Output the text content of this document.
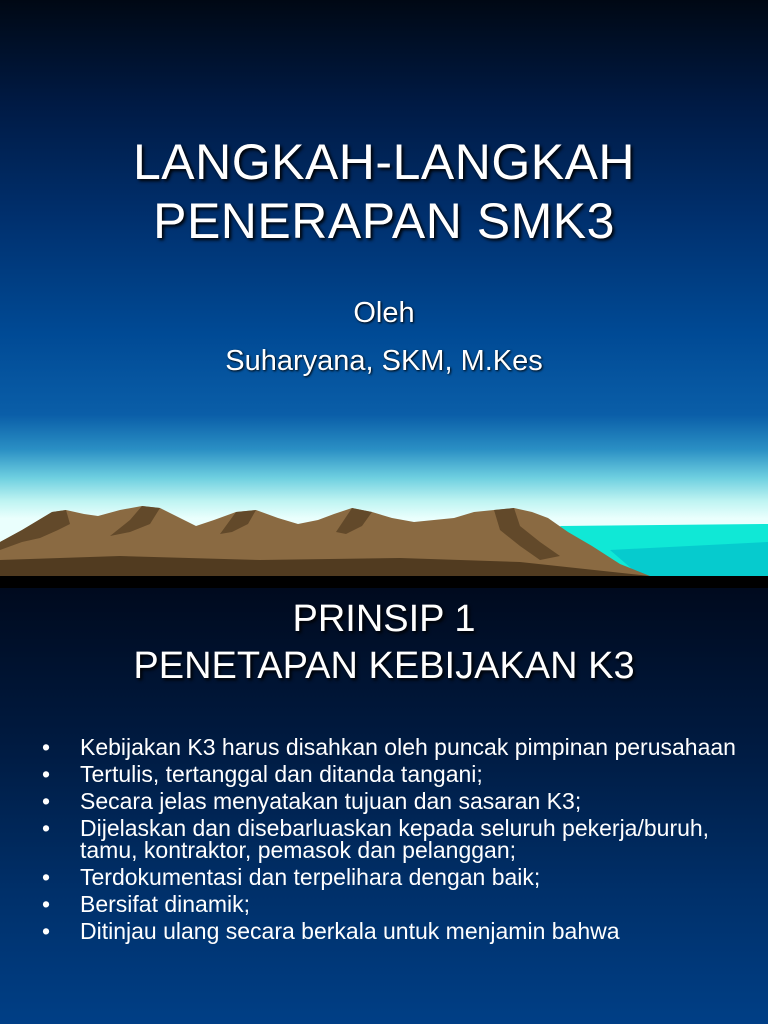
LANGKAH-LANGKAH
PENERAPAN SMK3
Oleh
Suharyana, SKM, M.Kes
PRINSIP 1
PENETAPAN KEBIJAKAN K3
• Kebijakan K3 harus disahkan oleh puncak pimpinan perusahaan
• Tertulis, tertanggal dan ditanda tangani;
• Secara jelas menyatakan tujuan dan sasaran K3;
• Dijelaskan dan disebarluaskan kepada seluruh pekerja/buruh, tamu, kontraktor, pemasok dan pelanggan;
• Terdokumentasi dan terpelihara dengan baik;
• Bersifat dinamik;
• Ditinjau ulang secara berkala untuk menjamin bahwa
